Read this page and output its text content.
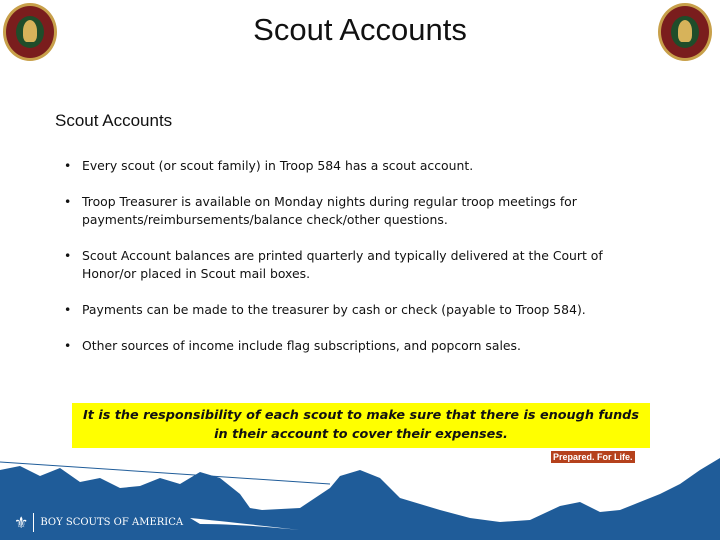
Scout Accounts
Scout Accounts
• Every scout (or scout family) in Troop 584 has a scout account.
• Troop Treasurer is available on Monday nights during regular troop meetings for payments/reimbursements/balance check/other questions.
• Scout Account balances are printed quarterly and typically delivered at the Court of Honor/or placed in Scout mail boxes.
• Payments can be made to the treasurer by cash or check (payable to Troop 584).
• Other sources of income include flag subscriptions, and popcorn sales.
It is the responsibility of each scout to make sure that there is enough funds in their account to cover their expenses.
Prepared. For Life.
⚜	BOY SCOUTS OF AMERICA
